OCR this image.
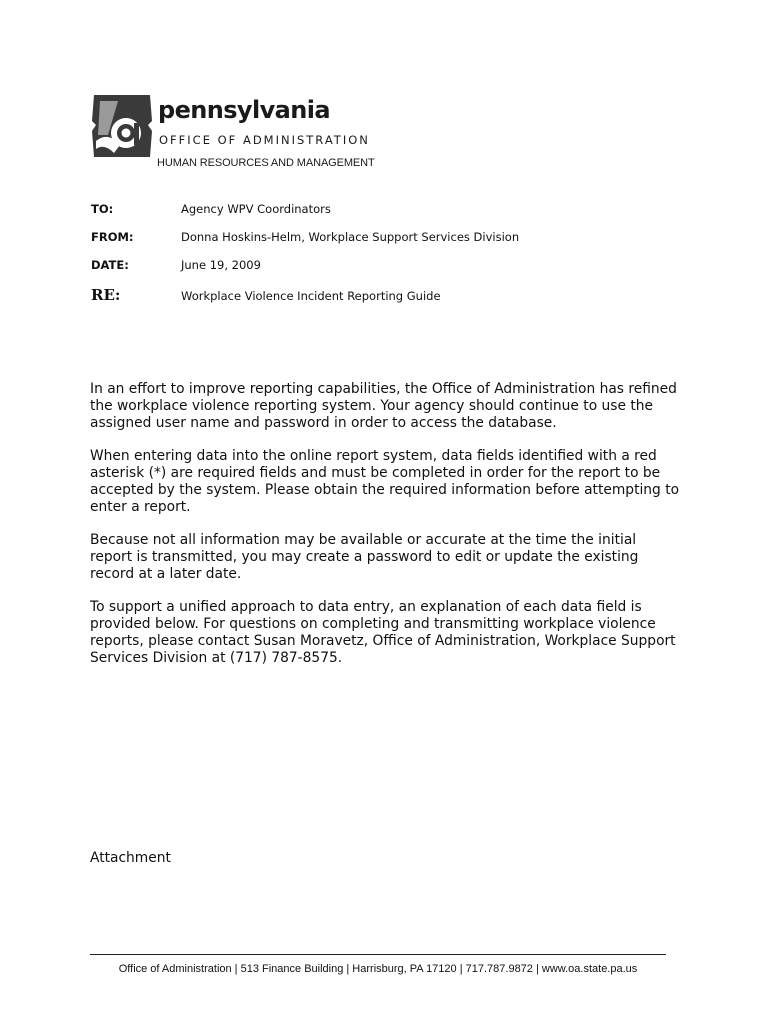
pennsylvania
OFFICE OF ADMINISTRATION
HUMAN RESOURCES AND MANAGEMENT
TO:	Agency WPV Coordinators
FROM:	Donna Hoskins-Helm, Workplace Support Services Division
DATE:	June 19, 2009
RE:	Workplace Violence Incident Reporting Guide

In an effort to improve reporting capabilities, the Office of Administration has refined the workplace violence reporting system. Your agency should continue to use the assigned user name and password in order to access the database.

When entering data into the online report system, data fields identified with a red asterisk (*) are required fields and must be completed in order for the report to be accepted by the system. Please obtain the required information before attempting to enter a report.

Because not all information may be available or accurate at the time the initial report is transmitted, you may create a password to edit or update the existing record at a later date.

To support a unified approach to data entry, an explanation of each data field is provided below. For questions on completing and transmitting workplace violence reports, please contact Susan Moravetz, Office of Administration, Workplace Support Services Division at (717) 787-8575.

Attachment
Office of Administration | 513 Finance Building | Harrisburg, PA 17120 | 717.787.9872 | www.oa.state.pa.us
